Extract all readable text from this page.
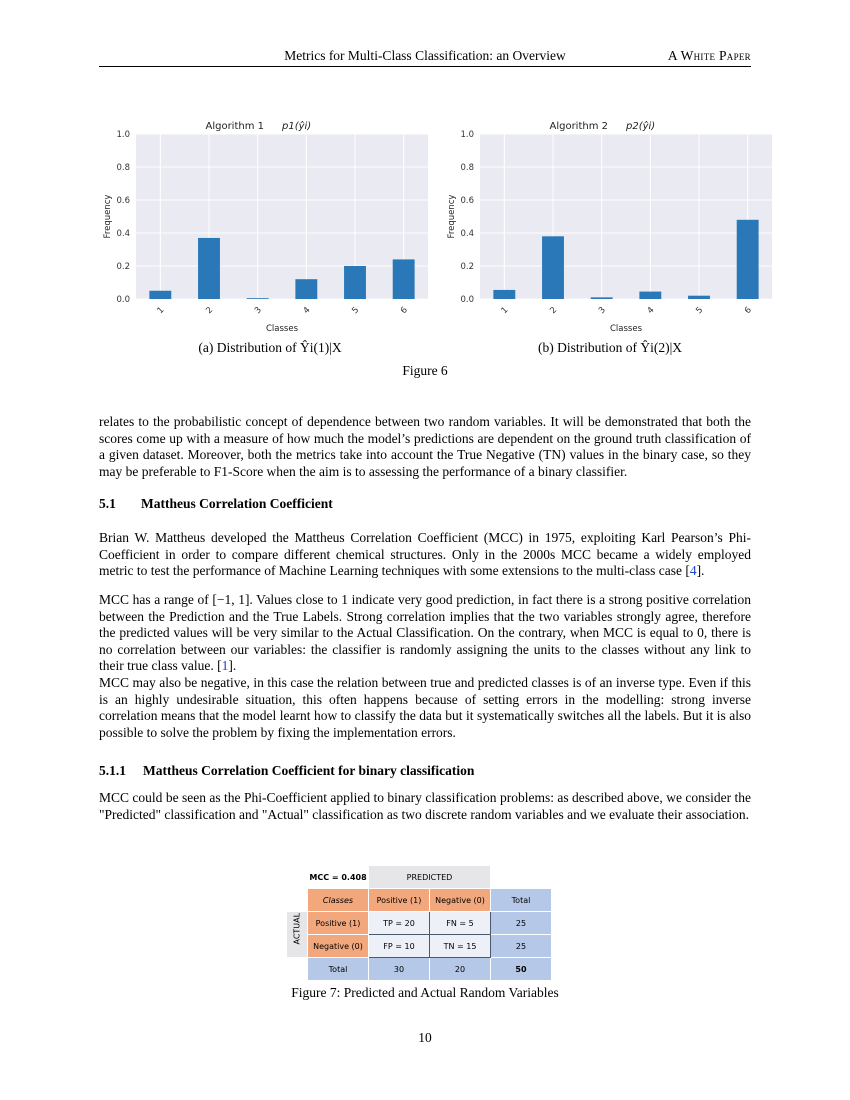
Metrics for Multi-Class Classification: an Overview	A White Paper
0.0
0.2
0.4
0.6
0.8
1.0
1	2	3	4	5	6
Classes
Frequency
Algorithm 1 p1(ŷi)
0.0
0.2
0.4
0.6
0.8
1.0
1	2	3	4	5	6
Classes
Frequency
Algorithm 2 p2(ŷi)
(a) Distribution of Ŷi(1)|X	(b) Distribution of Ŷi(2)|X
Figure 6

relates to the probabilistic concept of dependence between two random variables. It will be demonstrated that both the scores come up with a measure of how much the model’s predictions are dependent on the ground truth classification of a given dataset. Moreover, both the metrics take into account the True Negative (TN) values in the binary case, so they may be preferable to F1-Score when the aim is to assessing the performance of a binary classifier.

5.1 Mattheus Correlation Coefficient

Brian W. Mattheus developed the Mattheus Correlation Coefficient (MCC) in 1975, exploiting Karl Pearson’s Phi-Coefficient in order to compare different chemical structures. Only in the 2000s MCC became a widely employed metric to test the performance of Machine Learning techniques with some extensions to the multi-class case [4].

MCC has a range of [−1, 1]. Values close to 1 indicate very good prediction, in fact there is a strong positive correlation between the Prediction and the True Labels. Strong correlation implies that the two variables strongly agree, therefore the predicted values will be very similar to the Actual Classification. On the contrary, when MCC is equal to 0, there is no correlation between our variables: the classifier is randomly assigning the units to the classes without any link to their true class value. [1].
MCC may also be negative, in this case the relation between true and predicted classes is of an inverse type. Even if this is an highly undesirable situation, this often happens because of setting errors in the modelling: strong inverse correlation means that the model learnt how to classify the data but it systematically switches all the labels. But it is also possible to solve the problem by fixing the implementation errors.

5.1.1 Mattheus Correlation Coefficient for binary classification

MCC could be seen as the Phi-Coefficient applied to binary classification problems: as described above, we consider the "Predicted" classification and "Actual" classification as two discrete random variables and we evaluate their association.

	MCC = 0.408	PREDICTED		
	Classes	Positive (1)	Negative (0)	Total

ACTUAL	Positive (1)	TP = 20	FN = 5	25
	Negative (0)	FP = 10	TN = 15	25
	Total	30	20	50
Figure 7: Predicted and Actual Random Variables
10
